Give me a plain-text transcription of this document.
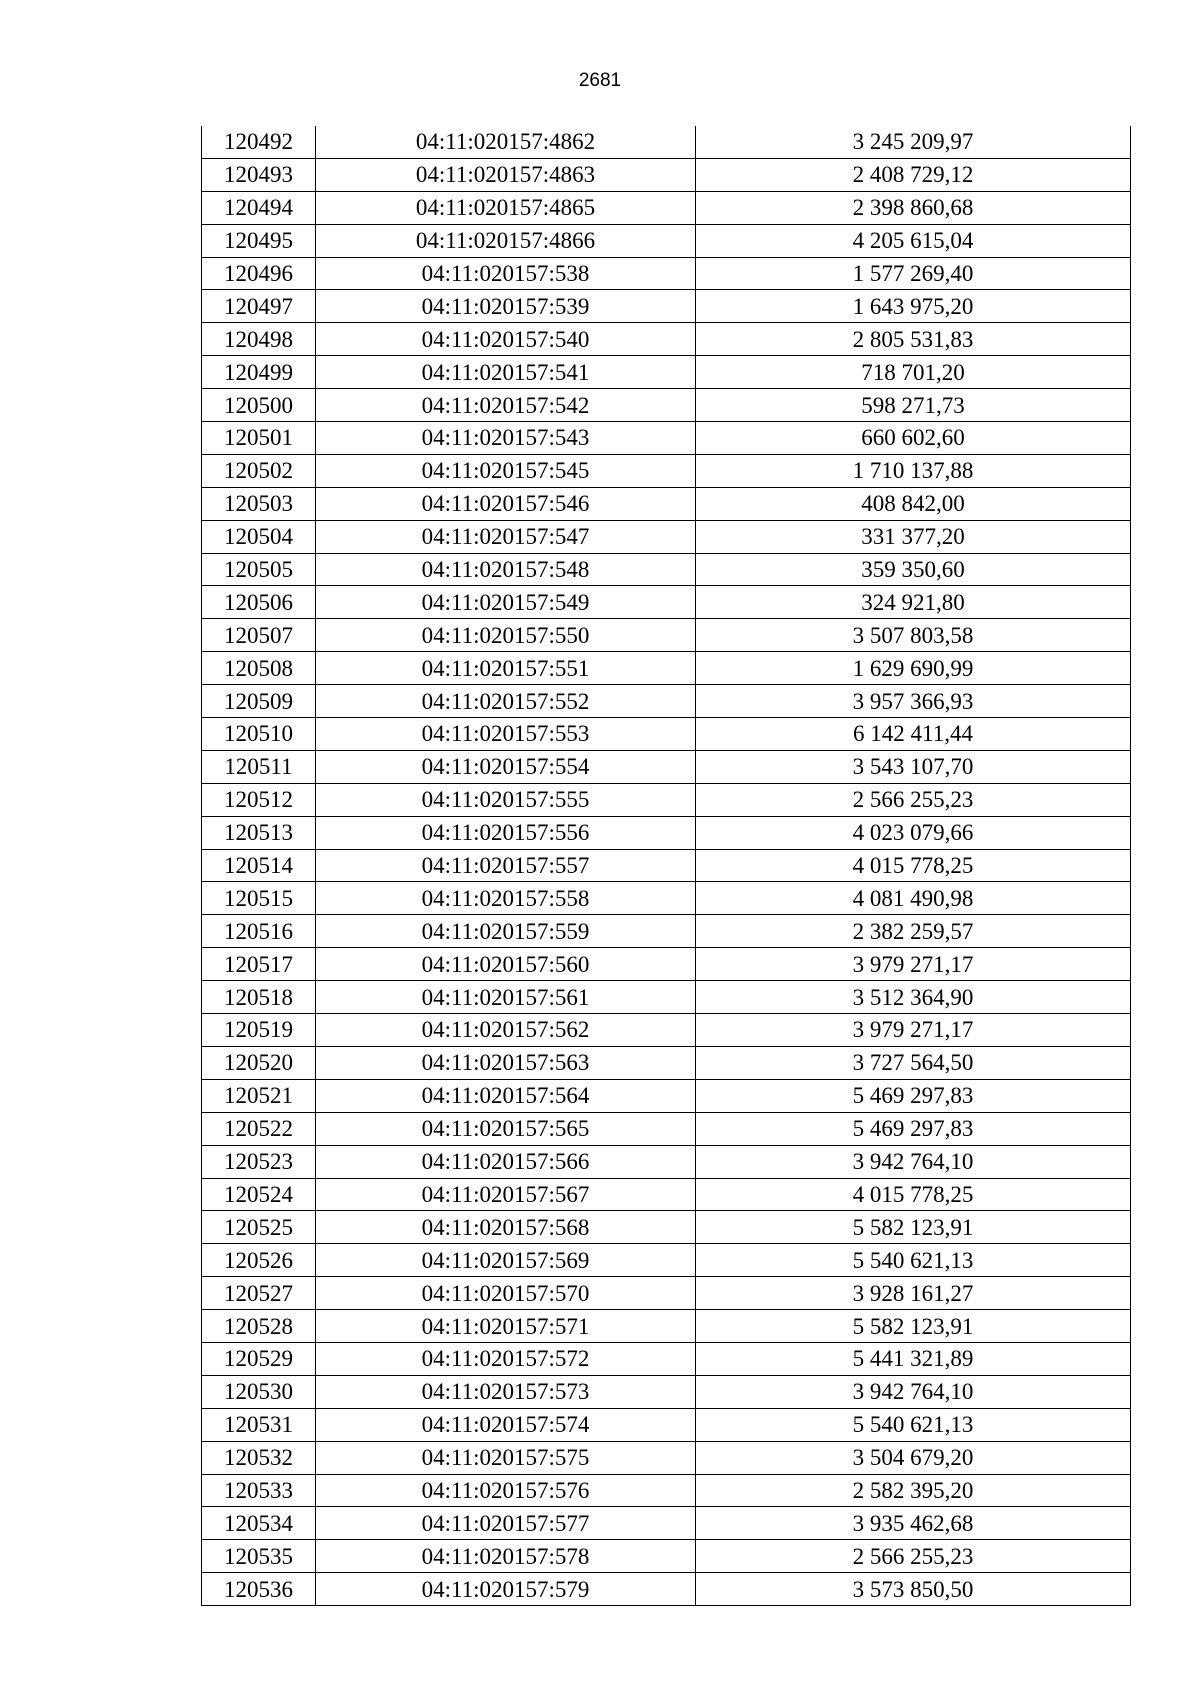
2681
120492	04:11:020157:4862	3 245 209,97
120493	04:11:020157:4863	2 408 729,12
120494	04:11:020157:4865	2 398 860,68
120495	04:11:020157:4866	4 205 615,04
120496	04:11:020157:538	1 577 269,40
120497	04:11:020157:539	1 643 975,20
120498	04:11:020157:540	2 805 531,83
120499	04:11:020157:541	718 701,20
120500	04:11:020157:542	598 271,73
120501	04:11:020157:543	660 602,60
120502	04:11:020157:545	1 710 137,88
120503	04:11:020157:546	408 842,00
120504	04:11:020157:547	331 377,20
120505	04:11:020157:548	359 350,60
120506	04:11:020157:549	324 921,80
120507	04:11:020157:550	3 507 803,58
120508	04:11:020157:551	1 629 690,99
120509	04:11:020157:552	3 957 366,93
120510	04:11:020157:553	6 142 411,44
120511	04:11:020157:554	3 543 107,70
120512	04:11:020157:555	2 566 255,23
120513	04:11:020157:556	4 023 079,66
120514	04:11:020157:557	4 015 778,25
120515	04:11:020157:558	4 081 490,98
120516	04:11:020157:559	2 382 259,57
120517	04:11:020157:560	3 979 271,17
120518	04:11:020157:561	3 512 364,90
120519	04:11:020157:562	3 979 271,17
120520	04:11:020157:563	3 727 564,50
120521	04:11:020157:564	5 469 297,83
120522	04:11:020157:565	5 469 297,83
120523	04:11:020157:566	3 942 764,10
120524	04:11:020157:567	4 015 778,25
120525	04:11:020157:568	5 582 123,91
120526	04:11:020157:569	5 540 621,13
120527	04:11:020157:570	3 928 161,27
120528	04:11:020157:571	5 582 123,91
120529	04:11:020157:572	5 441 321,89
120530	04:11:020157:573	3 942 764,10
120531	04:11:020157:574	5 540 621,13
120532	04:11:020157:575	3 504 679,20
120533	04:11:020157:576	2 582 395,20
120534	04:11:020157:577	3 935 462,68
120535	04:11:020157:578	2 566 255,23
120536	04:11:020157:579	3 573 850,50
